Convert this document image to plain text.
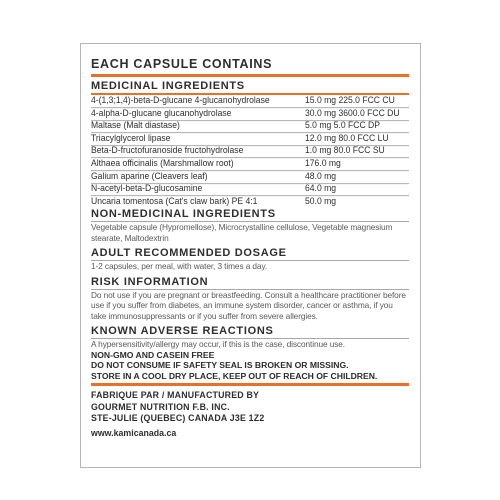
EACH CAPSULE CONTAINS
MEDICINAL INGREDIENTS
4-(1,3;1,4)-beta-D-glucane 4-glucanohydrolase	15.0 mg 225.0 FCC CU
4-alpha-D-glucane glucanohydrolase	30.0 mg 3600.0 FCC DU
Maltase (Malt diastase)	5.0 mg 5.0 FCC DP
Triacylglycerol lipase	12.0 mg 80.0 FCC LU
Beta-D-fructofuranoside fructohydrolase	1.0 mg 80.0 FCC SU
Althaea officinalis (Marshmallow root)	176.0 mg
Galium aparine (Cleavers leaf)	48.0 mg
N-acetyl-beta-D-glucosamine	64.0 mg
Uncaria tomentosa (Cat's claw bark) PE 4:1	50.0 mg
NON-MEDICINAL INGREDIENTS
Vegetable capsule (Hypromellose), Microcrystalline cellulose, Vegetable magnesium stearate, Maltodextrin
ADULT RECOMMENDED DOSAGE
1-2 capsules, per meal, with water, 3 times a day.
RISK INFORMATION
Do not use if you are pregnant or breastfeeding. Consult a healthcare practitioner before use if you suffer from diabetes, an immune system disorder, cancer or asthma, if you take immunosuppressants or if you suffer from severe allergies.
KNOWN ADVERSE REACTIONS
A hypersensitivity/allergy may occur, if this is the case, discontinue use.
NON-GMO AND CASEIN FREE
DO NOT CONSUME IF SAFETY SEAL IS BROKEN OR MISSING.
STORE IN A COOL DRY PLACE, KEEP OUT OF REACH OF CHILDREN.
FABRIQUE PAR / MANUFACTURED BY
GOURMET NUTRITION F.B. INC.
STE-JULIE (QUEBEC) CANADA J3E 1Z2
www.kamicanada.ca
